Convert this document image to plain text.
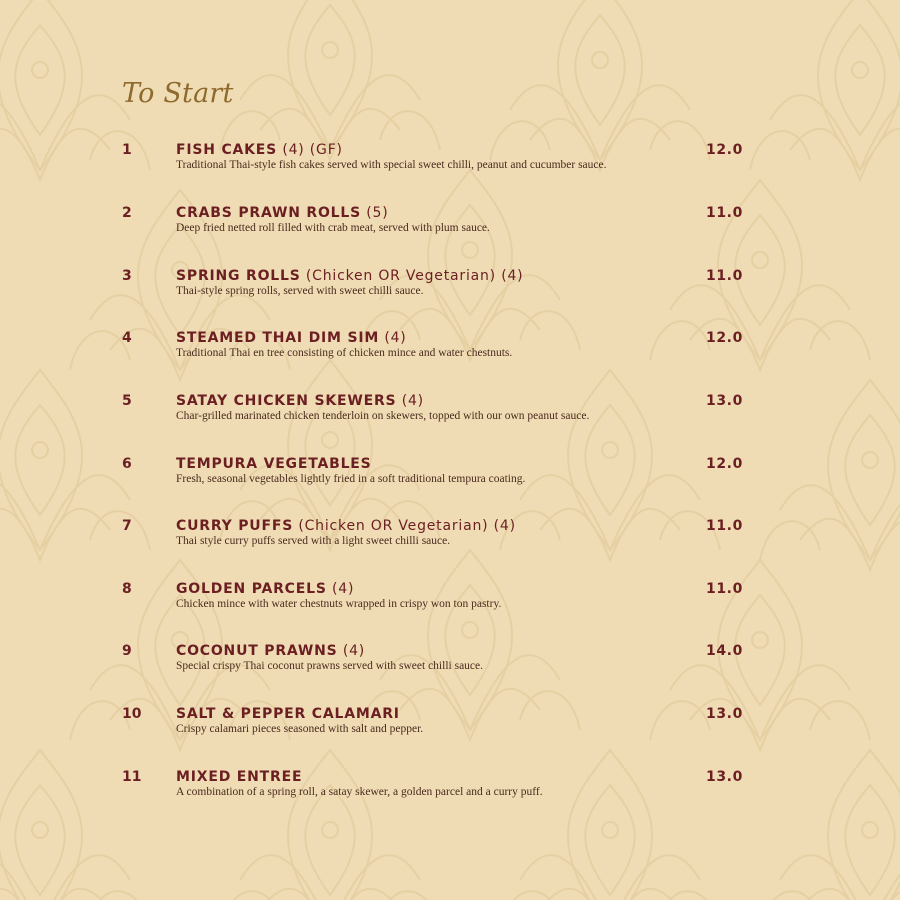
To Start
1	FISH CAKES (4) (GF)
Traditional Thai-style fish cakes served with special sweet chilli, peanut and cucumber sauce.
12.0
2	CRABS PRAWN ROLLS (5)
Deep fried netted roll filled with crab meat, served with plum sauce.
11.0
3	SPRING ROLLS (Chicken OR Vegetarian) (4)
Thai-style spring rolls, served with sweet chilli sauce.
11.0
4	STEAMED THAI DIM SIM (4)
Traditional Thai en tree consisting of chicken mince and water chestnuts.
12.0
5	SATAY CHICKEN SKEWERS (4)
Char-grilled marinated chicken tenderloin on skewers, topped with our own peanut sauce.
13.0
6	TEMPURA VEGETABLES
Fresh, seasonal vegetables lightly fried in a soft traditional tempura coating.
12.0
7	CURRY PUFFS (Chicken OR Vegetarian) (4)
Thai style curry puffs served with a light sweet chilli sauce.
11.0
8	GOLDEN PARCELS (4)
Chicken mince with water chestnuts wrapped in crispy won ton pastry.
11.0
9	COCONUT PRAWNS (4)
Special crispy Thai coconut prawns served with sweet chilli sauce.
14.0
10 SALT & PEPPER CALAMARI
Crispy calamari pieces seasoned with salt and pepper.
13.0
11 MIXED ENTREE
A combination of a spring roll, a satay skewer, a golden parcel and a curry puff.
13.0
